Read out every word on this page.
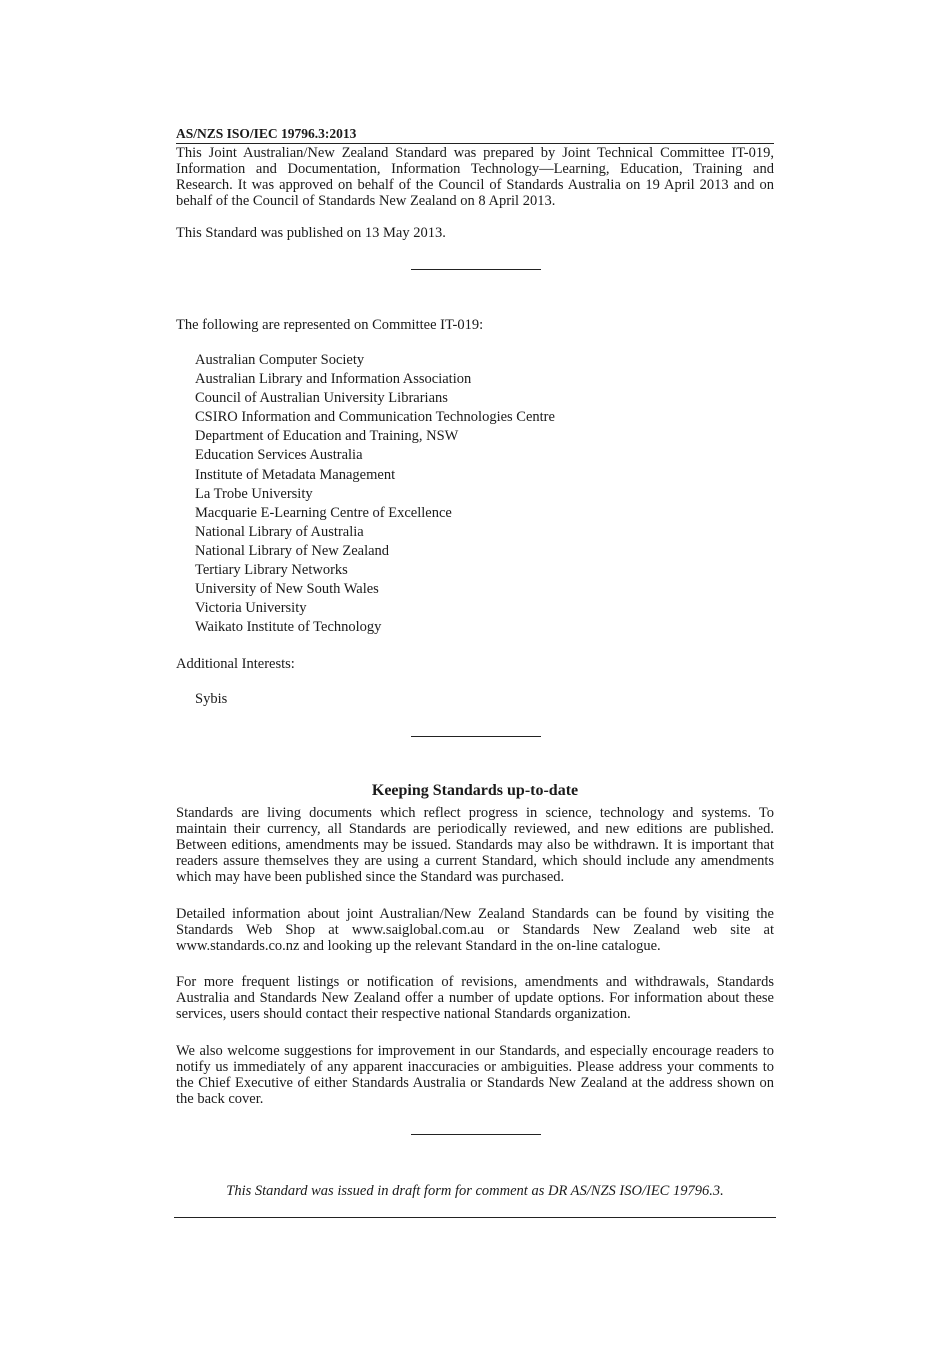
AS/NZS ISO/IEC 19796.3:2013

This Joint Australian/New Zealand Standard was prepared by Joint Technical Committee IT-019, Information and Documentation, Information Technology—Learning, Education, Training and Research. It was approved on behalf of the Council of Standards Australia on 19 April 2013 and on behalf of the Council of Standards New Zealand on 8 April 2013.

This Standard was published on 13 May 2013.

The following are represented on Committee IT-019:
Australian Computer Society
Australian Library and Information Association
Council of Australian University Librarians
CSIRO Information and Communication Technologies Centre
Department of Education and Training, NSW
Education Services Australia
Institute of Metadata Management
La Trobe University
Macquarie E-Learning Centre of Excellence
National Library of Australia
National Library of New Zealand
Tertiary Library Networks
University of New South Wales
Victoria University
Waikato Institute of Technology
Additional Interests:
Sybis
Keeping Standards up-to-date

Standards are living documents which reflect progress in science, technology and systems. To maintain their currency, all Standards are periodically reviewed, and new editions are published. Between editions, amendments may be issued. Standards may also be withdrawn. It is important that readers assure themselves they are using a current Standard, which should include any amendments which may have been published since the Standard was purchased.

Detailed information about joint Australian/New Zealand Standards can be found by visiting the Standards Web Shop at www.saiglobal.com.au or Standards New Zealand web site at www.standards.co.nz and looking up the relevant Standard in the on-line catalogue.

For more frequent listings or notification of revisions, amendments and withdrawals, Standards Australia and Standards New Zealand offer a number of update options. For information about these services, users should contact their respective national Standards organization.

We also welcome suggestions for improvement in our Standards, and especially encourage readers to notify us immediately of any apparent inaccuracies or ambiguities. Please address your comments to the Chief Executive of either Standards Australia or Standards New Zealand at the address shown on the back cover.

This Standard was issued in draft form for comment as DR AS/NZS ISO/IEC 19796.3.
